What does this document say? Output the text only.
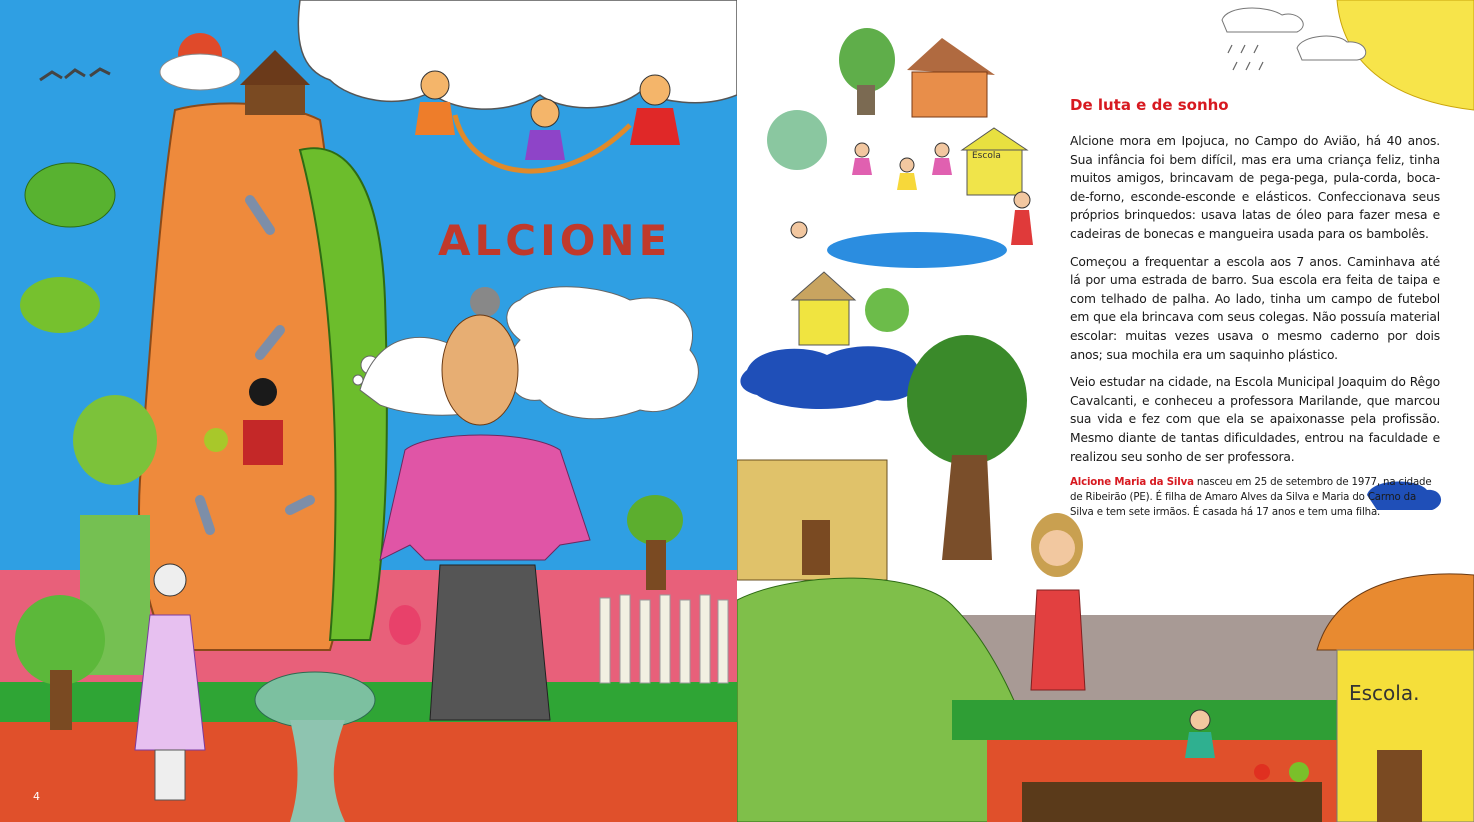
ALCIONE
4
Escola
Escola.
De luta e de sonho

Alcione mora em Ipojuca, no Campo do Avião, há 40 anos. Sua infância foi bem difícil, mas era uma criança feliz, tinha muitos amigos, brincavam de pega-pega, pula-corda, boca-de-forno, esconde-esconde e elásticos. Confeccionava seus próprios brinquedos: usava latas de óleo para fazer mesa e cadeiras de bonecas e mangueira usada para os bambolês.

Começou a frequentar a escola aos 7 anos. Caminhava até lá por uma estrada de barro. Sua escola era feita de taipa e com telhado de palha. Ao lado, tinha um campo de futebol em que ela brincava com seus colegas. Não possuía material escolar: muitas vezes usava o mesmo caderno por dois anos; sua mochila era um saquinho plástico.

Veio estudar na cidade, na Escola Municipal Joaquim do Rêgo Cavalcanti, e conheceu a professora Marilande, que marcou sua vida e fez com que ela se apaixonasse pela profissão. Mesmo diante de tantas dificuldades, entrou na faculdade e realizou seu sonho de ser professora.

Alcione Maria da Silva nasceu em 25 de setembro de 1977, na cidade de Ribeirão (PE). É filha de Amaro Alves da Silva e Maria do Carmo da Silva e tem sete irmãos. É casada há 17 anos e tem uma filha.
